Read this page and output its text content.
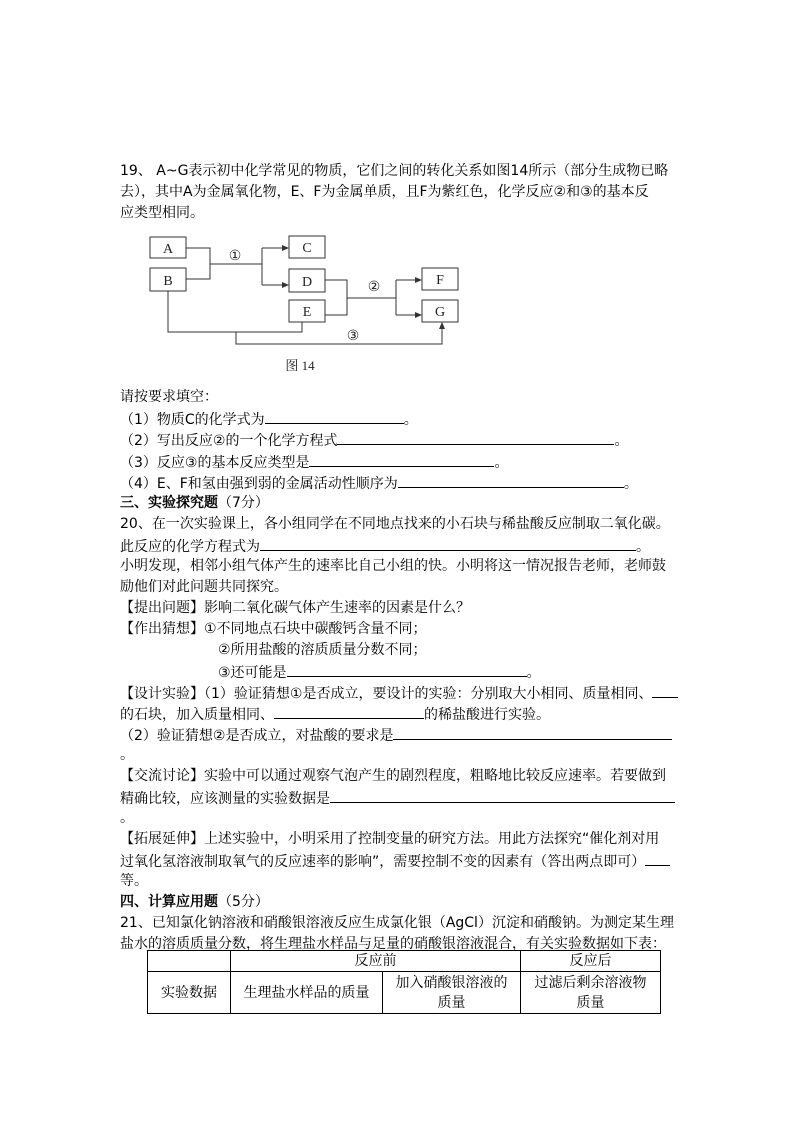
19、 A~G表示初中化学常见的物质，它们之间的转化关系如图14所示（部分生成物已略
去），其中A为金属氧化物，E、F为金属单质，且F为紫红色，化学反应②和③的基本反
应类型相同。
A
B
C
D
E
F
G
①
②
③
图 14
请按要求填空：
（1）物质C的化学式为	。
（2）写出反应②的一个化学方程式	。
（3）反应③的基本反应类型是	。
（4）E、F和氢由强到弱的金属活动性顺序为	。
三、实验探究题（7分）
20、在一次实验课上，各小组同学在不同地点找来的小石块与稀盐酸反应制取二氧化碳。
此反应的化学方程式为	。
小明发现，相邻小组气体产生的速率比自己小组的快。小明将这一情况报告老师，老师鼓
励他们对此问题共同探究。
【提出问题】影响二氧化碳气体产生速率的因素是什么？
【作出猜想】①不同地点石块中碳酸钙含量不同；
②所用盐酸的溶质质量分数不同；
③还可能是	。
【设计实验】（1）验证猜想①是否成立，要设计的实验：分别取大小相同、质量相同、
的石块，加入质量相同、	的稀盐酸进行实验。
（2）验证猜想②是否成立，对盐酸的要求是
。
【交流讨论】实验中可以通过观察气泡产生的剧烈程度，粗略地比较反应速率。若要做到
精确比较，应该测量的实验数据是
。
【拓展延伸】上述实验中，小明采用了控制变量的研究方法。用此方法探究“催化剂对用
过氧化氢溶液制取氧气的反应速率的影响”，需要控制不变的因素有（答出两点即可）
等。
四、计算应用题（5分）
21、已知氯化钠溶液和硝酸银溶液反应生成氯化银（AgCl）沉淀和硝酸钠。为测定某生理
盐水的溶质质量分数，将生理盐水样品与足量的硝酸银溶液混合，有关实验数据如下表：
	反应前		反应后
实验数据	生理盐水样品的质量	加入硝酸银溶液的质量	过滤后剩余溶液物质量
